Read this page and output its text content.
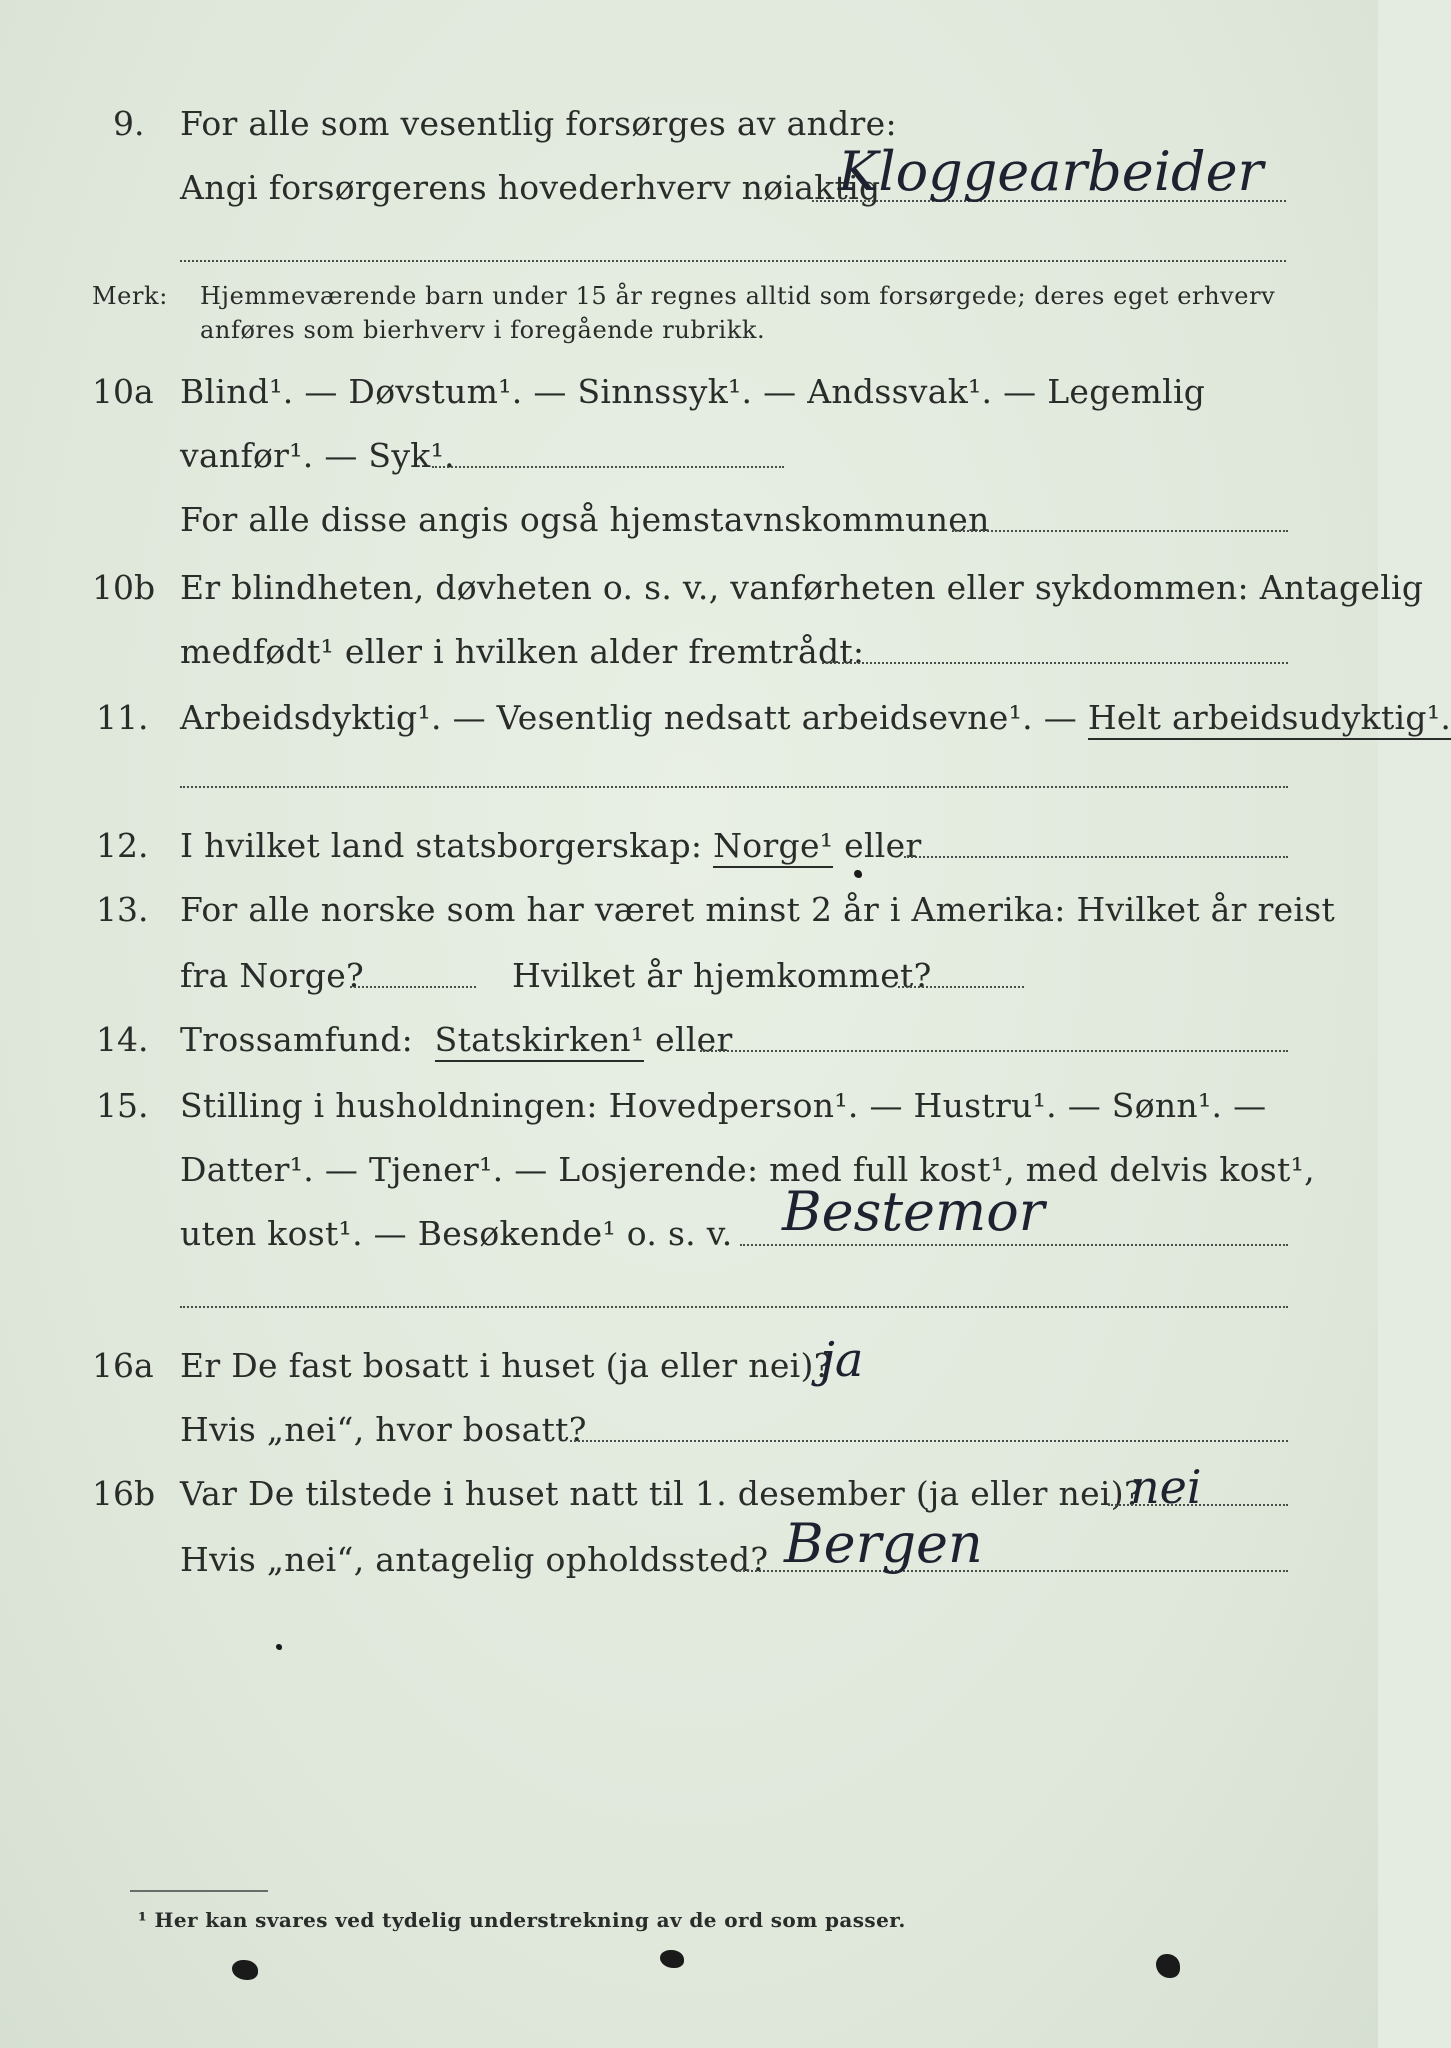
9. For alle som vesentlig forsørges av andre:
Angi forsørgerens hovederhverv nøiaktig
Kloggearbeider
Merk: Hjemmeværende barn under 15 år regnes alltid som forsørgede; deres eget erhverv
anføres som bierhverv i foregående rubrikk.
10a Blind¹. — Døvstum¹. — Sinnssyk¹. — Andssvak¹. — Legemlig
vanfør¹. — Syk¹.
For alle disse angis også hjemstavnskommunen
10b Er blindheten, døvheten o. s. v., vanførheten eller sykdommen: Antagelig
medfødt¹ eller i hvilken alder fremtrådt:
11. Arbeidsdyktig¹. — Vesentlig nedsatt arbeidsevne¹. — Helt arbeidsudyktig¹.
12. I hvilket land statsborgerskap: Norge¹ eller
13. For alle norske som har været minst 2 år i Amerika: Hvilket år reist
fra Norge?	Hvilket år hjemkommet?
14. Trossamfund: Statskirken¹ eller
15. Stilling i husholdningen: Hovedperson¹. — Hustru¹. — Sønn¹. —
Datter¹. — Tjener¹. — Losjerende: med full kost¹, med delvis kost¹,
uten kost¹. — Besøkende¹ o. s. v. Bestemor
16a Er De fast bosatt i huset (ja eller nei)?
ja
Hvis „nei“, hvor bosatt?
16b Var De tilstede i huset natt til 1. desember (ja eller nei)?
nei
Hvis „nei“, antagelig opholdssted? Bergen
¹ Her kan svares ved tydelig understrekning av de ord som passer.
